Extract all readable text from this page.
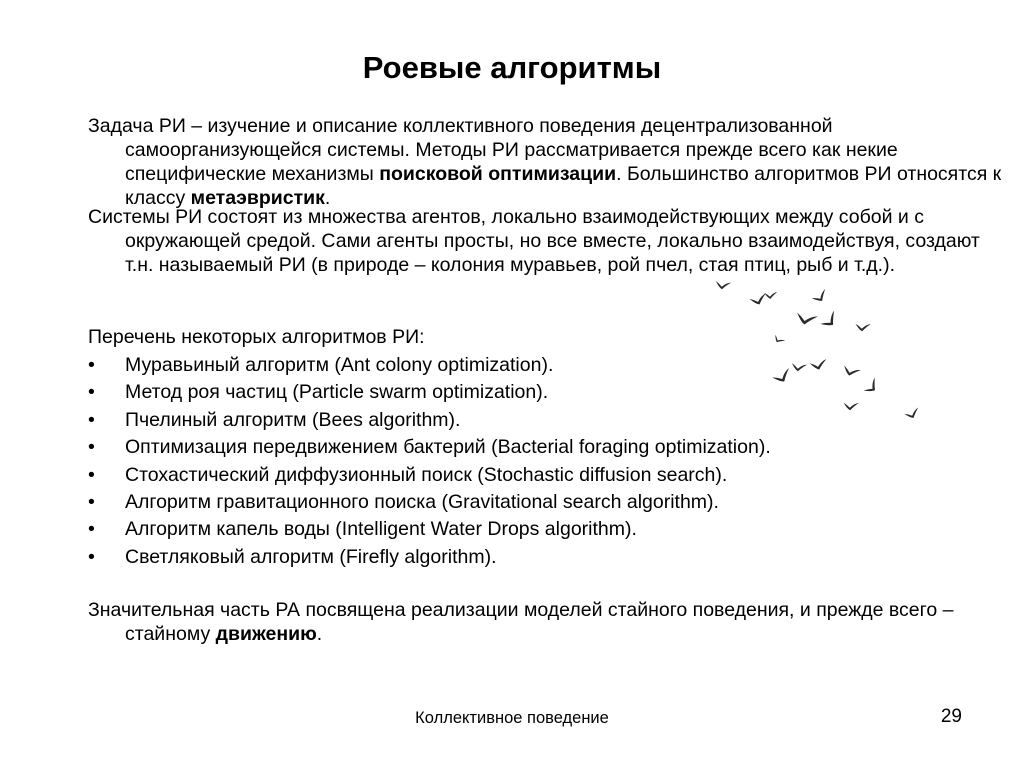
Роевые алгоритмы
Задача РИ – изучение и описание коллективного поведения децентрализованной самоорганизующейся системы. Методы РИ рассматривается прежде всего как некие специфические механизмы поисковой оптимизации. Большинство алгоритмов РИ относятся к классу метаэвристик.
Системы РИ состоят из множества агентов, локально взаимодействующих между собой и с окружающей средой. Сами агенты просты, но все вместе, локально взаимодействуя, создают т.н. называемый РИ (в природе – колония муравьев, рой пчел, стая птиц, рыб и т.д.).
Перечень некоторых алгоритмов РИ:
• Муравьиный алгоритм (Ant colony optimization).
• Метод роя частиц (Particle swarm optimization).
• Пчелиный алгоритм (Bees algorithm).
• Оптимизация передвижением бактерий (Bacterial foraging optimization).
• Стохастический диффузионный поиск (Stochastic diffusion search).
• Алгоритм гравитационного поиска (Gravitational search algorithm).
• Алгоритм капель воды (Intelligent Water Drops algorithm).
• Светляковый алгоритм (Firefly algorithm).
Значительная часть РА посвящена реализации моделей стайного поведения, и прежде всего – стайному движению.
Коллективное поведение	29
